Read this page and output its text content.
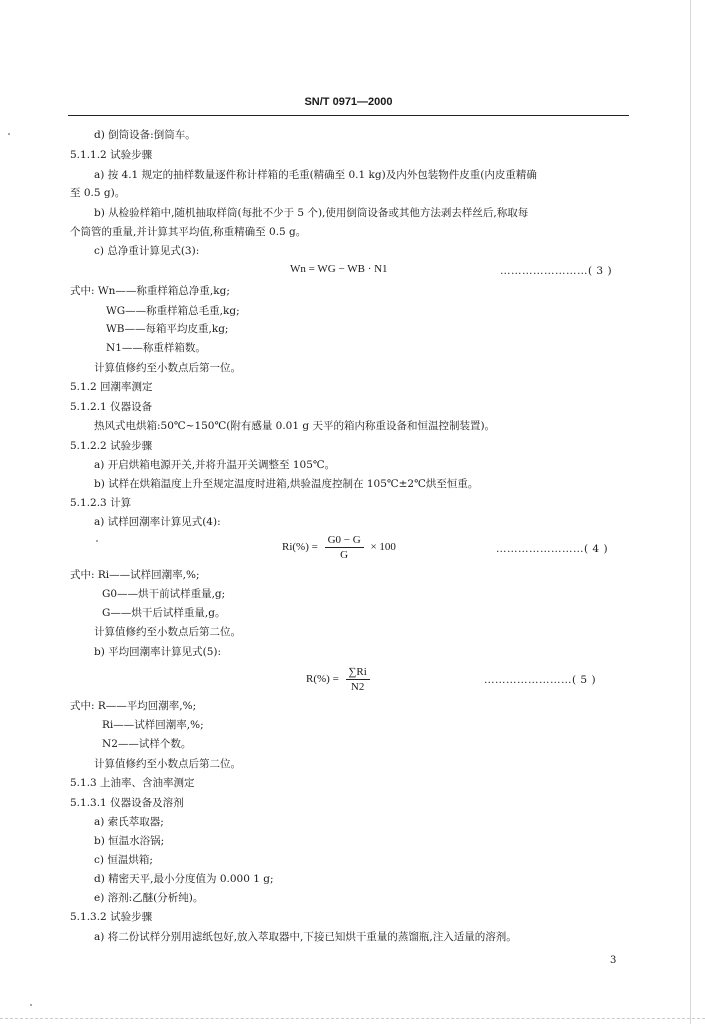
SN/T 0971—2000
d) 倒筒设备:倒筒车。
5.1.1.2 试验步骤
a) 按 4.1 规定的抽样数量逐件称计样箱的毛重(精确至 0.1 kg)及内外包装物件皮重(内皮重精确
至 0.5 g)。
b) 从检验样箱中,随机抽取样筒(每批不少于 5 个),使用倒筒设备或其他方法剥去样丝后,称取每
个筒管的重量,并计算其平均值,称重精确至 0.5 g。
c) 总净重计算见式(3):
Wn = WG − WB · N1	……………………( 3 )
式中: Wn——称重样箱总净重,kg;
WG——称重样箱总毛重,kg;
WB——每箱平均皮重,kg;
N1——称重样箱数。
计算值修约至小数点后第一位。
5.1.2 回潮率测定
5.1.2.1 仪器设备
热风式电烘箱:50℃~150℃(附有感量 0.01 g 天平的箱内称重设备和恒温控制装置)。
5.1.2.2 试验步骤
a) 开启烘箱电源开关,并将升温开关调整至 105℃。
b) 试样在烘箱温度上升至规定温度时进箱,烘验温度控制在 105℃±2℃烘至恒重。
5.1.2.3 计算
a) 试样回潮率计算见式(4):
$Ri(\%) = \frac{G0 - G}{G} \times 100$	……………………( 4 )
式中: Ri——试样回潮率,%;
G0——烘干前试样重量,g;
G——烘干后试样重量,g。
计算值修约至小数点后第二位。
b) 平均回潮率计算见式(5):
$R(\%) = \frac{\sum Ri}{N2}$	……………………( 5 )
式中: R——平均回潮率,%;
Ri——试样回潮率,%;
N2——试样个数。
计算值修约至小数点后第二位。
5.1.3 上油率、含油率测定
5.1.3.1 仪器设备及溶剂
a) 索氏萃取器;
b) 恒温水浴锅;
c) 恒温烘箱;
d) 精密天平,最小分度值为 0.000 1 g;
e) 溶剂:乙醚(分析纯)。
5.1.3.2 试验步骤
a) 将二份试样分别用滤纸包好,放入萃取器中,下接已知烘干重量的蒸馏瓶,注入适量的溶剂。
3
